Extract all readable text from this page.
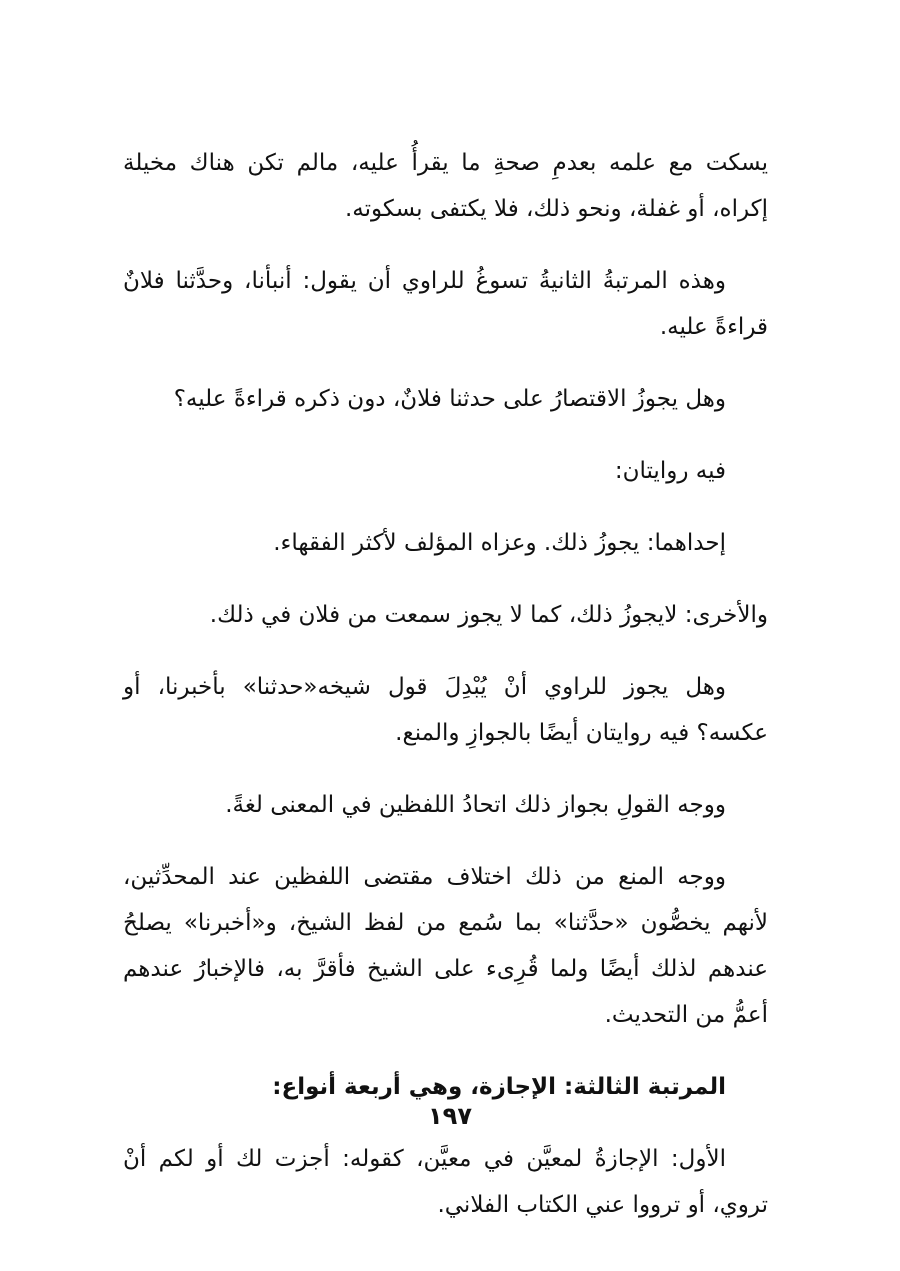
يسكت مع علمه بعدمِ صحةِ ما يقرأُ عليه، مالم تكن هناك مخيلة إكراه، أو غفلة، ونحو ذلك، فلا يكتفى بسكوته.

وهذه المرتبةُ الثانيةُ تسوغُ للراوي أن يقول: أنبأنا، وحدَّثنا فلانٌ قراءةً عليه.

وهل يجوزُ الاقتصارُ على حدثنا فلانٌ، دون ذكره قراءةً عليه؟

فيه روايتان:

إحداهما: يجوزُ ذلك. وعزاه المؤلف لأكثر الفقهاء.

والأخرى: لايجوزُ ذلك، كما لا يجوز سمعت من فلان في ذلك.

وهل يجوز للراوي أنْ يُبْدِلَ قول شيخه«حدثنا» بأخبرنا، أو عكسه؟ فيه روايتان أيضًا بالجوازِ والمنع.

ووجه القولِ بجواز ذلك اتحادُ اللفظين في المعنى لغةً.

ووجه المنع من ذلك اختلاف مقتضى اللفظين عند المحدِّثين، لأنهم يخصُّون «حدَّثنا» بما سُمع من لفظ الشيخ، و«أخبرنا» يصلحُ عندهم لذلك أيضًا ولما قُرِىء على الشيخ فأقرَّ به، فالإخبارُ عندهم أعمُّ من التحديث.

المرتبة الثالثة: الإجازة، وهي أربعة أنواع:

الأول: الإجازةُ لمعيَّن في معيَّن، كقوله: أجزت لك أو لكم أنْ تروي، أو ترووا عني الكتاب الفلاني.

١٩٧
